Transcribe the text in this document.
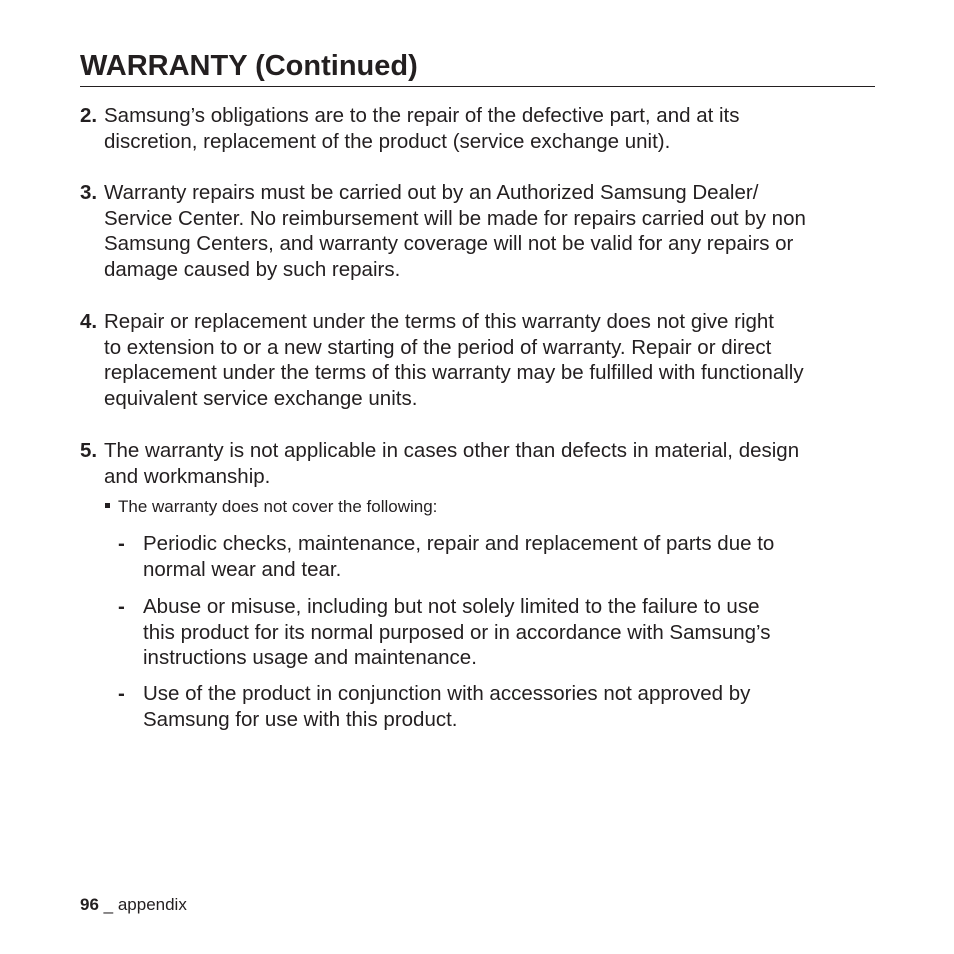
WARRANTY (Continued)
2. Samsung’s obligations are to the repair of the defective part, and at its
discretion, replacement of the product (service exchange unit).
3. Warranty repairs must be carried out by an Authorized Samsung Dealer/
Service Center. No reimbursement will be made for repairs carried out by non
Samsung Centers, and warranty coverage will not be valid for any repairs or
damage caused by such repairs.
4. Repair or replacement under the terms of this warranty does not give right
to extension to or a new starting of the period of warranty. Repair or direct
replacement under the terms of this warranty may be fulfilled with functionally
equivalent service exchange units.
5. The warranty is not applicable in cases other than defects in material, design
and workmanship.
The warranty does not cover the following:
- Periodic checks, maintenance, repair and replacement of parts due to
normal wear and tear.
- Abuse or misuse, including but not solely limited to the failure to use
this product for its normal purposed or in accordance with Samsung’s
instructions usage and maintenance.
- Use of the product in conjunction with accessories not approved by
Samsung for use with this product.
96 _ appendix
